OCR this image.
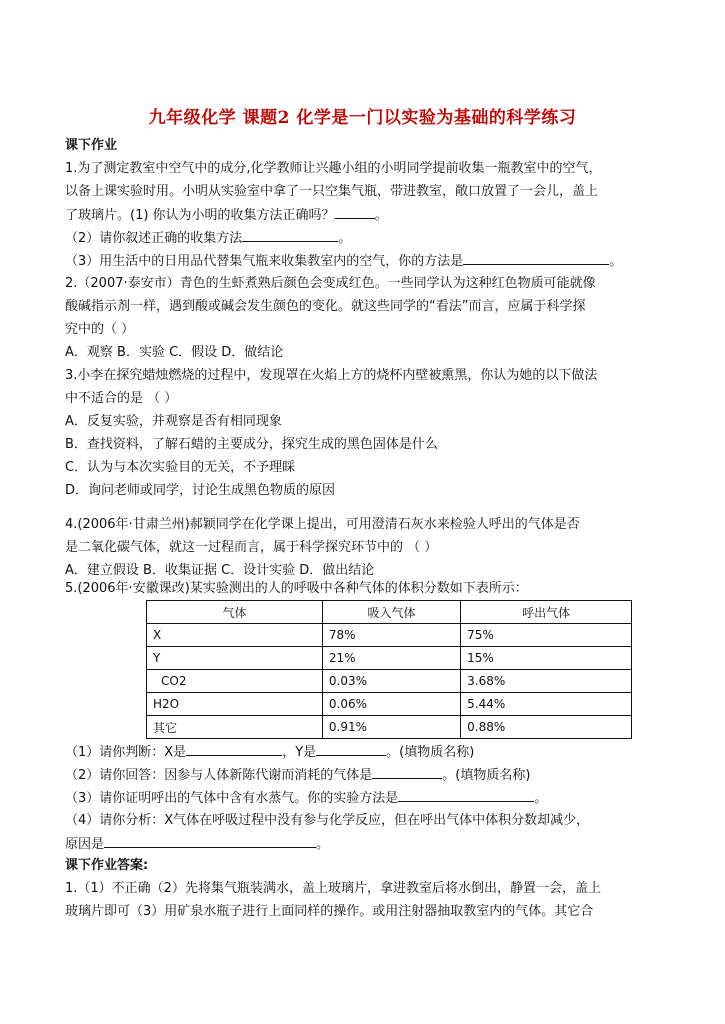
九年级化学 课题2 化学是一门以实验为基础的科学练习
课下作业
1.为了测定教室中空气中的成分,化学教师让兴趣小组的小明同学提前收集一瓶教室中的空气，
以备上课实验时用。小明从实验室中拿了一只空集气瓶，带进教室，敞口放置了一会儿，盖上
了玻璃片。(1) 你认为小明的收集方法正确吗？	。
（2）请你叙述正确的收集方法	。
（3）用生活中的日用品代替集气瓶来收集教室内的空气，你的方法是	。
2.（2007·泰安市）青色的生虾煮熟后颜色会变成红色。一些同学认为这种红色物质可能就像
酸碱指示剂一样，遇到酸或碱会发生颜色的变化。就这些同学的“看法”而言，应属于科学探
究中的（ ）
A．观察 B．实验 C．假设 D．做结论
3.小李在探究蜡烛燃烧的过程中，发现罩在火焰上方的烧杯内壁被熏黑，你认为她的以下做法
中不适合的是 （ ）
A．反复实验，并观察是否有相同现象
B．查找资料，了解石蜡的主要成分，探究生成的黑色固体是什么
C．认为与本次实验目的无关，不予理睬
D．询问老师或同学，讨论生成黑色物质的原因
4.(2006年·甘肃兰州)郝颖同学在化学课上提出，可用澄清石灰水来检验人呼出的气体是否
是二氧化碳气体，就这一过程而言，属于科学探究环节中的 （ ）
A．建立假设 B．收集证据 C．设计实验 D．做出结论
5.(2006年·安徽课改)某实验测出的人的呼吸中各种气体的体积分数如下表所示：
气体	吸入气体	呼出气体
X	78%	75%
Y	21%	15%
CO2	0.03%	3.68%
H2O	0.06%	5.44%
其它	0.91%	0.88%
（1）请你判断：X是	，Y是	。(填物质名称)
（2）请你回答：因参与人体新陈代谢而消耗的气体是	。(填物质名称)
（3）请你证明呼出的气体中含有水蒸气。你的实验方法是	。
（4）请你分析：X气体在呼吸过程中没有参与化学反应，但在呼出气体中体积分数却减少，
原因是	。
课下作业答案:
1.（1）不正确（2）先将集气瓶装满水，盖上玻璃片，拿进教室后将水倒出，静置一会，盖上
玻璃片即可（3）用矿泉水瓶子进行上面同样的操作。或用注射器抽取教室内的气体。其它合
